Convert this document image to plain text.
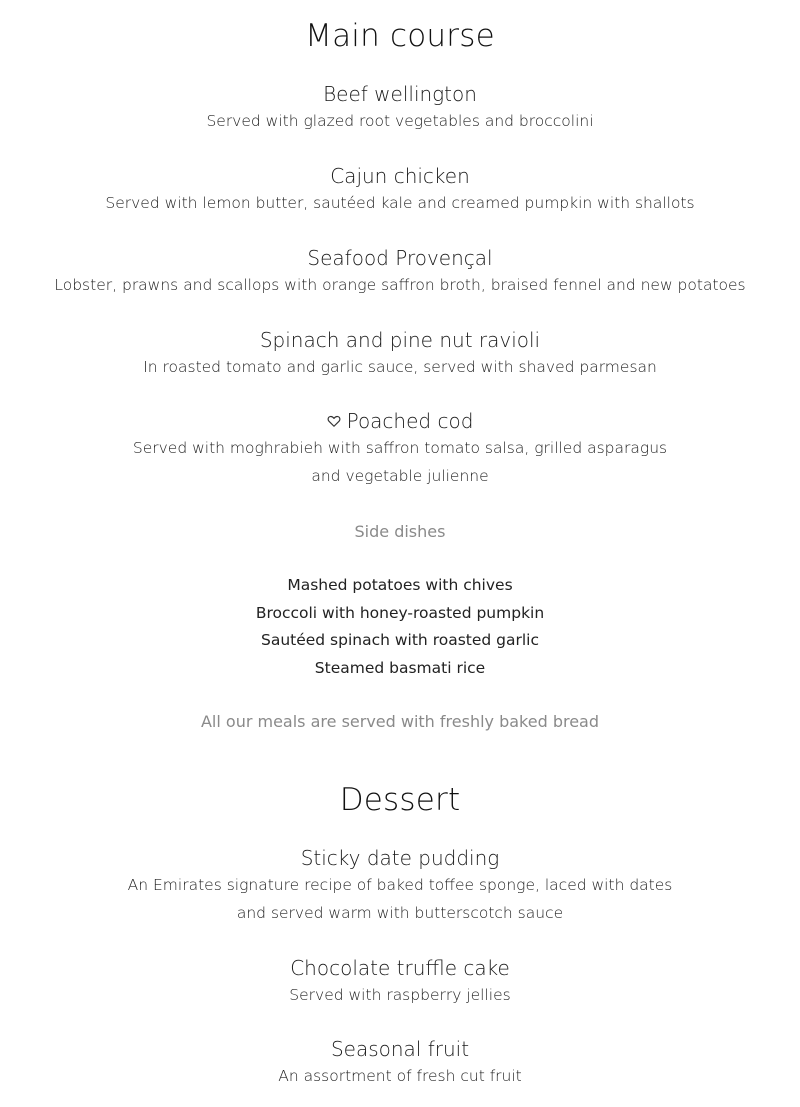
Main course
Beef wellington
Served with glazed root vegetables and broccolini
Cajun chicken
Served with lemon butter, sautéed kale and creamed pumpkin with shallots
Seafood Provençal
Lobster, prawns and scallops with orange saffron broth, braised fennel and new potatoes
Spinach and pine nut ravioli
In roasted tomato and garlic sauce, served with shaved parmesan
Poached cod
Served with moghrabieh with saffron tomato salsa, grilled asparagus
and vegetable julienne
Side dishes
Mashed potatoes with chives
Broccoli with honey-roasted pumpkin
Sautéed spinach with roasted garlic
Steamed basmati rice
All our meals are served with freshly baked bread
Dessert
Sticky date pudding
An Emirates signature recipe of baked toffee sponge, laced with dates
and served warm with butterscotch sauce
Chocolate truffle cake
Served with raspberry jellies
Seasonal fruit
An assortment of fresh cut fruit
